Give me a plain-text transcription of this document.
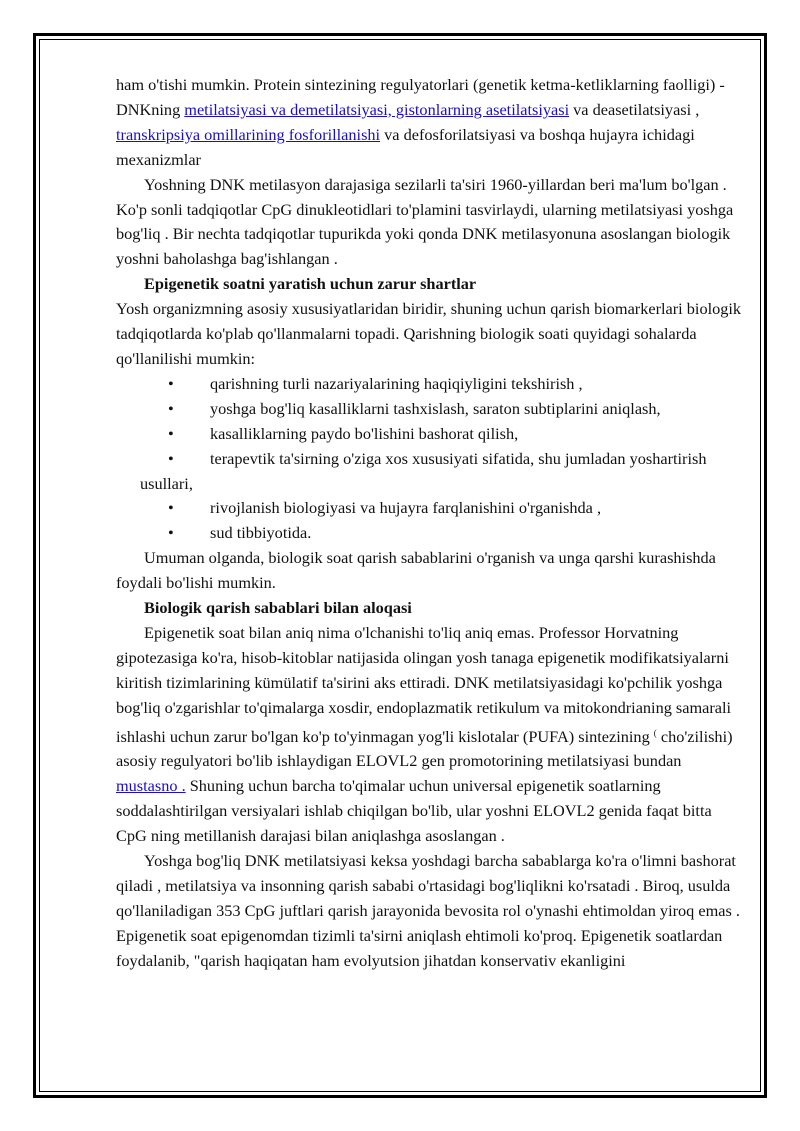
ham o'tishi mumkin. Protein sintezining regulyatorlari (genetik ketma-ketliklarning faolligi) - DNKning metilatsiyasi va demetilatsiyasi, gistonlarning asetilatsiyasi va deasetilatsiyasi , transkripsiya omillarining fosforillanishi va defosforilatsiyasi va boshqa hujayra ichidagi mexanizmlar

Yoshning DNK metilasyon darajasiga sezilarli ta'siri 1960-yillardan beri ma'lum bo'lgan . Ko'p sonli tadqiqotlar CpG dinukleotidlari to'plamini tasvirlaydi, ularning metilatsiyasi yoshga bog'liq . Bir nechta tadqiqotlar tupurikda yoki qonda DNK metilasyonuna asoslangan biologik yoshni baholashga bag'ishlangan .

Epigenetik soatni yaratish uchun zarur shartlar

Yosh organizmning asosiy xususiyatlaridan biridir, shuning uchun qarish biomarkerlari biologik tadqiqotlarda ko'plab qo'llanmalarni topadi. Qarishning biologik soati quyidagi sohalarda qo'llanilishi mumkin:

• qarishning turli nazariyalarining haqiqiyligini tekshirish ,
• yoshga bog'liq kasalliklarni tashxislash, saraton subtiplarini aniqlash,
• kasalliklarning paydo bo'lishini bashorat qilish,
• terapevtik ta'sirning o'ziga xos xususiyati sifatida, shu jumladan yoshartirish usullari,
• rivojlanish biologiyasi va hujayra farqlanishini o'rganishda ,
• sud tibbiyotida.

Umuman olganda, biologik soat qarish sabablarini o'rganish va unga qarshi kurashishda foydali bo'lishi mumkin.

Biologik qarish sabablari bilan aloqasi

Epigenetik soat bilan aniq nima o'lchanishi to'liq aniq emas. Professor Horvatning gipotezasiga ko'ra, hisob-kitoblar natijasida olingan yosh tanaga epigenetik modifikatsiyalarni kiritish tizimlarining kümülatif ta'sirini aks ettiradi. DNK metilatsiyasidagi ko'pchilik yoshga bog'liq o'zgarishlar to'qimalarga xosdir, endoplazmatik retikulum va mitokondrianing samarali ishlashi uchun zarur bo'lgan ko'p to'yinmagan yog'li kislotalar (PUFA) sintezining ( cho'zilishi) asosiy regulyatori bo'lib ishlaydigan ELOVL2 gen promotorining metilatsiyasi bundan mustasno . Shuning uchun barcha to'qimalar uchun universal epigenetik soatlarning soddalashtirilgan versiyalari ishlab chiqilgan bo'lib, ular yoshni ELOVL2 genida faqat bitta CpG ning metillanish darajasi bilan aniqlashga asoslangan .

Yoshga bog'liq DNK metilatsiyasi keksa yoshdagi barcha sabablarga ko'ra o'limni bashorat qiladi , metilatsiya va insonning qarish sababi o'rtasidagi bog'liqlikni ko'rsatadi . Biroq, usulda qo'llaniladigan 353 CpG juftlari qarish jarayonida bevosita rol o'ynashi ehtimoldan yiroq emas . Epigenetik soat epigenomdan tizimli ta'sirni aniqlash ehtimoli ko'proq. Epigenetik soatlardan foydalanib, "qarish haqiqatan ham evolyutsion jihatdan konservativ ekanligini
